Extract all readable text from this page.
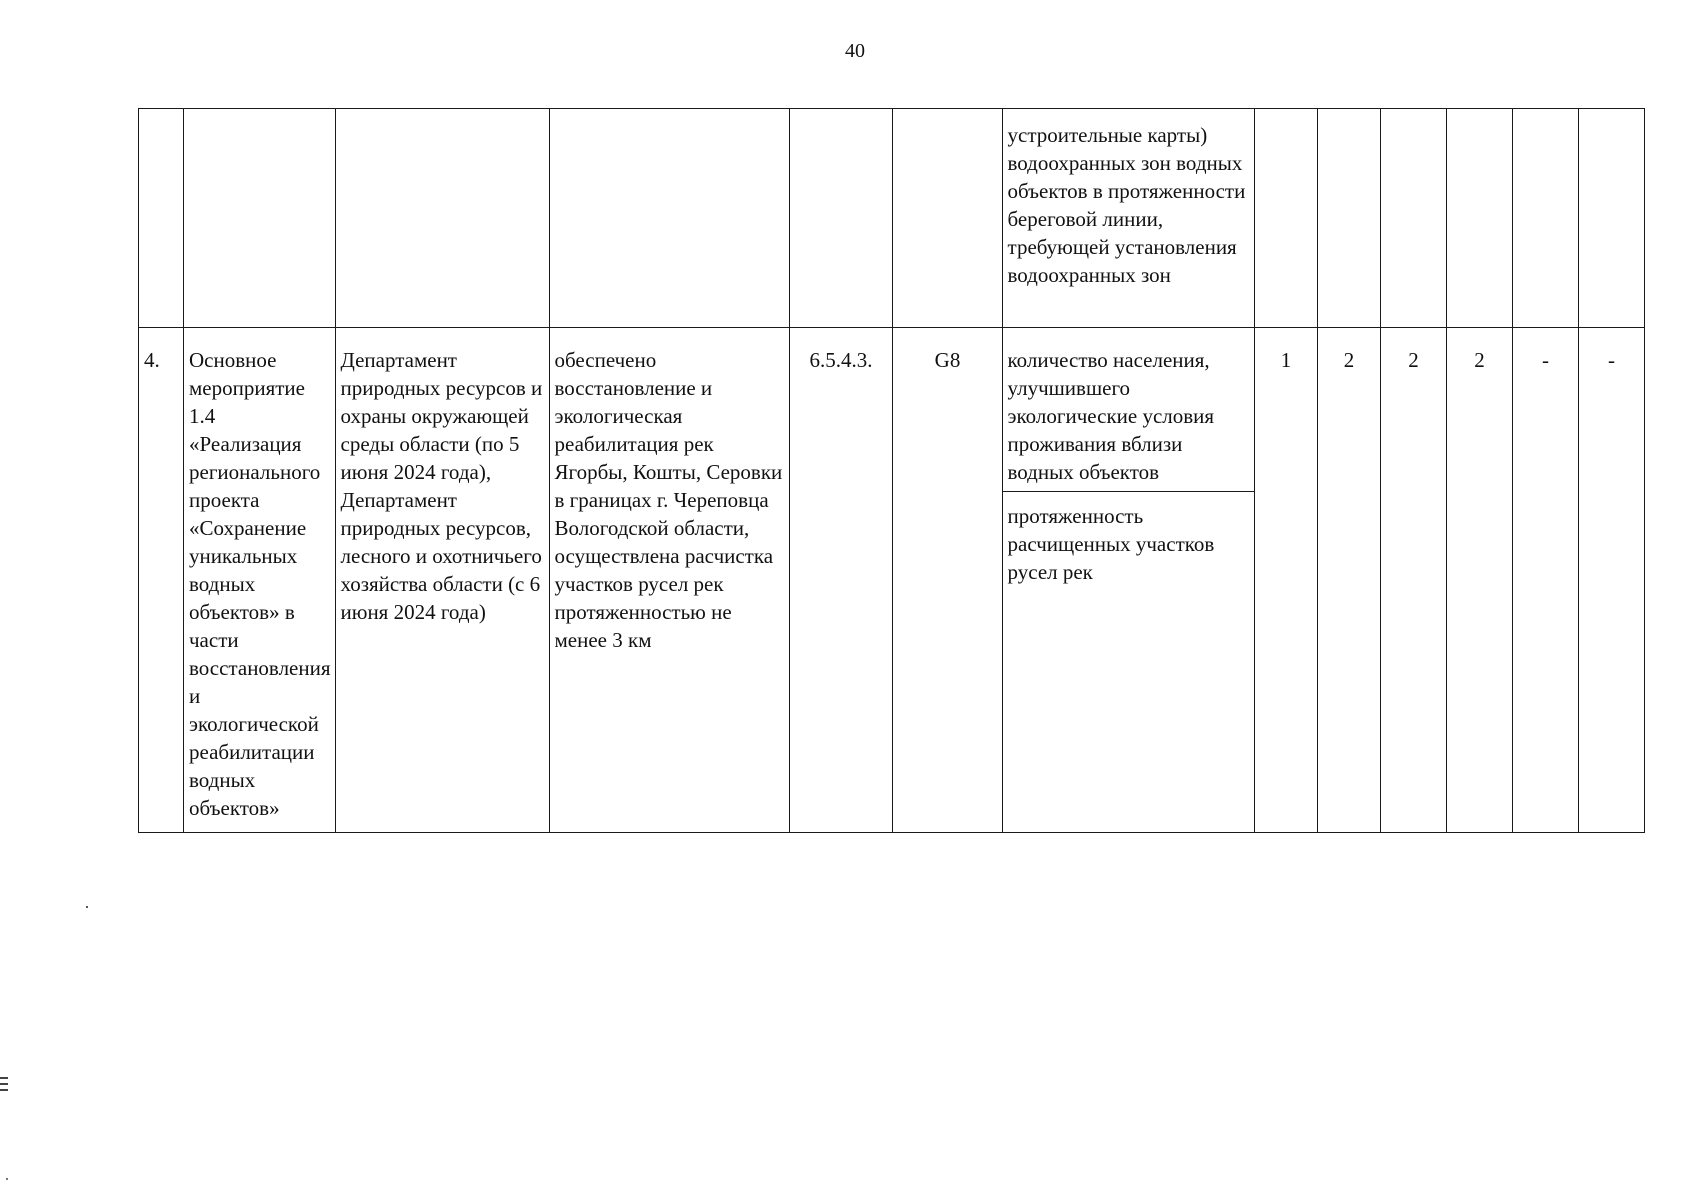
40
						устроительные карты) водоохранных зон водных объектов в протяженности береговой линии, требующей установления водоохранных зон						
4.	Основное мероприятие 1.4 «Реализация регионального проекта «Сохранение уникальных водных объектов» в части восстановления и экологической реабилитации водных объектов»	Департамент природных ресурсов и охраны окружающей среды области (по 5 июня 2024 года), Департамент природных ресурсов, лесного и охотничьего хозяйства области (с 6 июня 2024 года)	обеспечено восстановление и экологическая реабилитация рек Ягорбы, Кошты, Серовки в границах г. Череповца Вологодской области, осуществлена расчистка участков русел рек протяженностью не менее 3 км	6.5.4.3.	G8	количество населения, улучшившего экологические условия проживания вблизи водных объектов	1	2	2	2	-	-
						протяженность расчищенных участков русел рек						
